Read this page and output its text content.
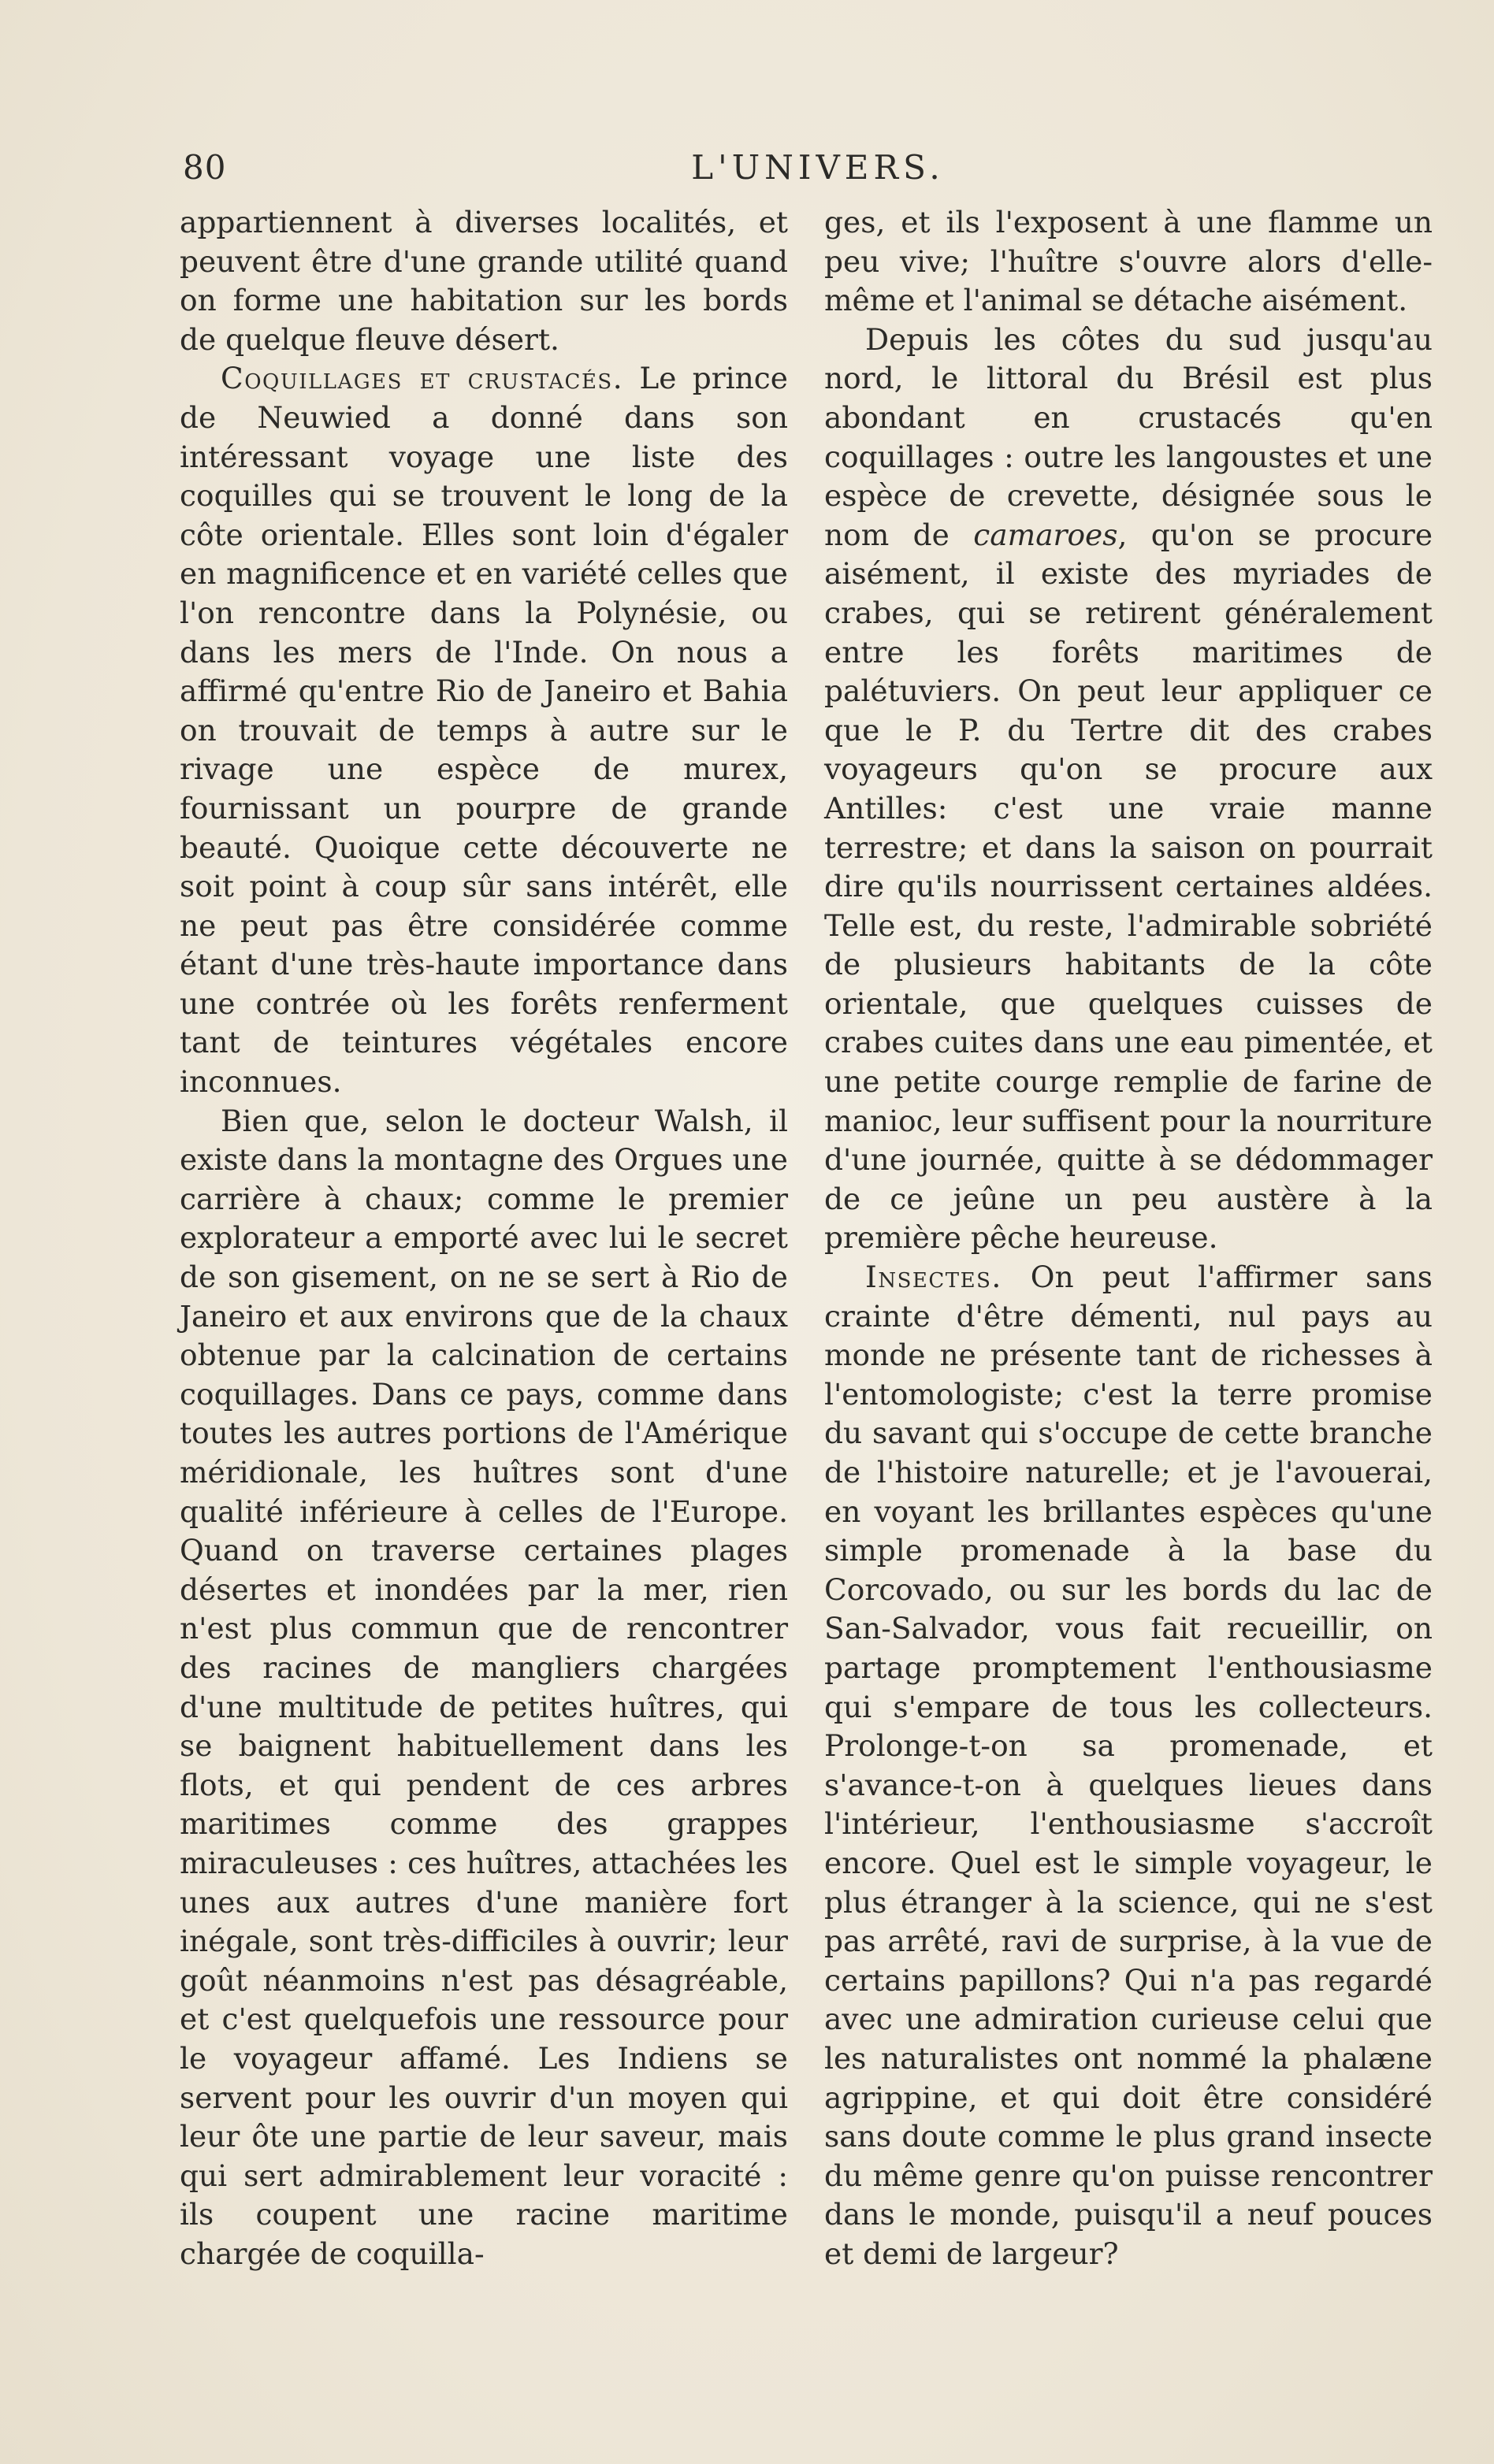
80	L'UNIVERS.

appartiennent à diverses localités, et peuvent être d'une grande utilité quand on forme une habitation sur les bords de quelque fleuve désert.

Coquillages et crustacés. Le prince de Neuwied a donné dans son intéressant voyage une liste des coquilles qui se trouvent le long de la côte orientale. Elles sont loin d'égaler en magnificence et en variété celles que l'on rencontre dans la Polynésie, ou dans les mers de l'Inde. On nous a affirmé qu'entre Rio de Janeiro et Bahia on trouvait de temps à autre sur le rivage une espèce de murex, fournissant un pourpre de grande beauté. Quoique cette découverte ne soit point à coup sûr sans intérêt, elle ne peut pas être considérée comme étant d'une très-haute importance dans une contrée où les forêts renferment tant de teintures végétales encore inconnues.

Bien que, selon le docteur Walsh, il existe dans la montagne des Orgues une carrière à chaux; comme le premier explorateur a emporté avec lui le secret de son gisement, on ne se sert à Rio de Janeiro et aux environs que de la chaux obtenue par la calcination de certains coquillages. Dans ce pays, comme dans toutes les autres portions de l'Amérique méridionale, les huîtres sont d'une qualité inférieure à celles de l'Europe. Quand on traverse certaines plages désertes et inondées par la mer, rien n'est plus commun que de rencontrer des racines de mangliers chargées d'une multitude de petites huîtres, qui se baignent habituellement dans les flots, et qui pendent de ces arbres maritimes comme des grappes miraculeuses : ces huîtres, attachées les unes aux autres d'une manière fort inégale, sont très-difficiles à ouvrir; leur goût néanmoins n'est pas désagréable, et c'est quelquefois une ressource pour le voyageur affamé. Les Indiens se servent pour les ouvrir d'un moyen qui leur ôte une partie de leur saveur, mais qui sert admirablement leur voracité : ils coupent une racine maritime chargée de coquilla-

ges, et ils l'exposent à une flamme un peu vive; l'huître s'ouvre alors d'elle-même et l'animal se détache aisément.

Depuis les côtes du sud jusqu'au nord, le littoral du Brésil est plus abondant en crustacés qu'en coquillages : outre les langoustes et une espèce de crevette, désignée sous le nom de camaroes, qu'on se procure aisément, il existe des myriades de crabes, qui se retirent généralement entre les forêts maritimes de palétuviers. On peut leur appliquer ce que le P. du Tertre dit des crabes voyageurs qu'on se procure aux Antilles: c'est une vraie manne terrestre; et dans la saison on pourrait dire qu'ils nourrissent certaines aldées. Telle est, du reste, l'admirable sobriété de plusieurs habitants de la côte orientale, que quelques cuisses de crabes cuites dans une eau pimentée, et une petite courge remplie de farine de manioc, leur suffisent pour la nourriture d'une journée, quitte à se dédommager de ce jeûne un peu austère à la première pêche heureuse.

Insectes. On peut l'affirmer sans crainte d'être démenti, nul pays au monde ne présente tant de richesses à l'entomologiste; c'est la terre promise du savant qui s'occupe de cette branche de l'histoire naturelle; et je l'avouerai, en voyant les brillantes espèces qu'une simple promenade à la base du Corcovado, ou sur les bords du lac de San-Salvador, vous fait recueillir, on partage promptement l'enthousiasme qui s'empare de tous les collecteurs. Prolonge-t-on sa promenade, et s'avance-t-on à quelques lieues dans l'intérieur, l'enthousiasme s'accroît encore. Quel est le simple voyageur, le plus étranger à la science, qui ne s'est pas arrêté, ravi de surprise, à la vue de certains papillons? Qui n'a pas regardé avec une admiration curieuse celui que les naturalistes ont nommé la phalæne agrippine, et qui doit être considéré sans doute comme le plus grand insecte du même genre qu'on puisse rencontrer dans le monde, puisqu'il a neuf pouces et demi de largeur?
